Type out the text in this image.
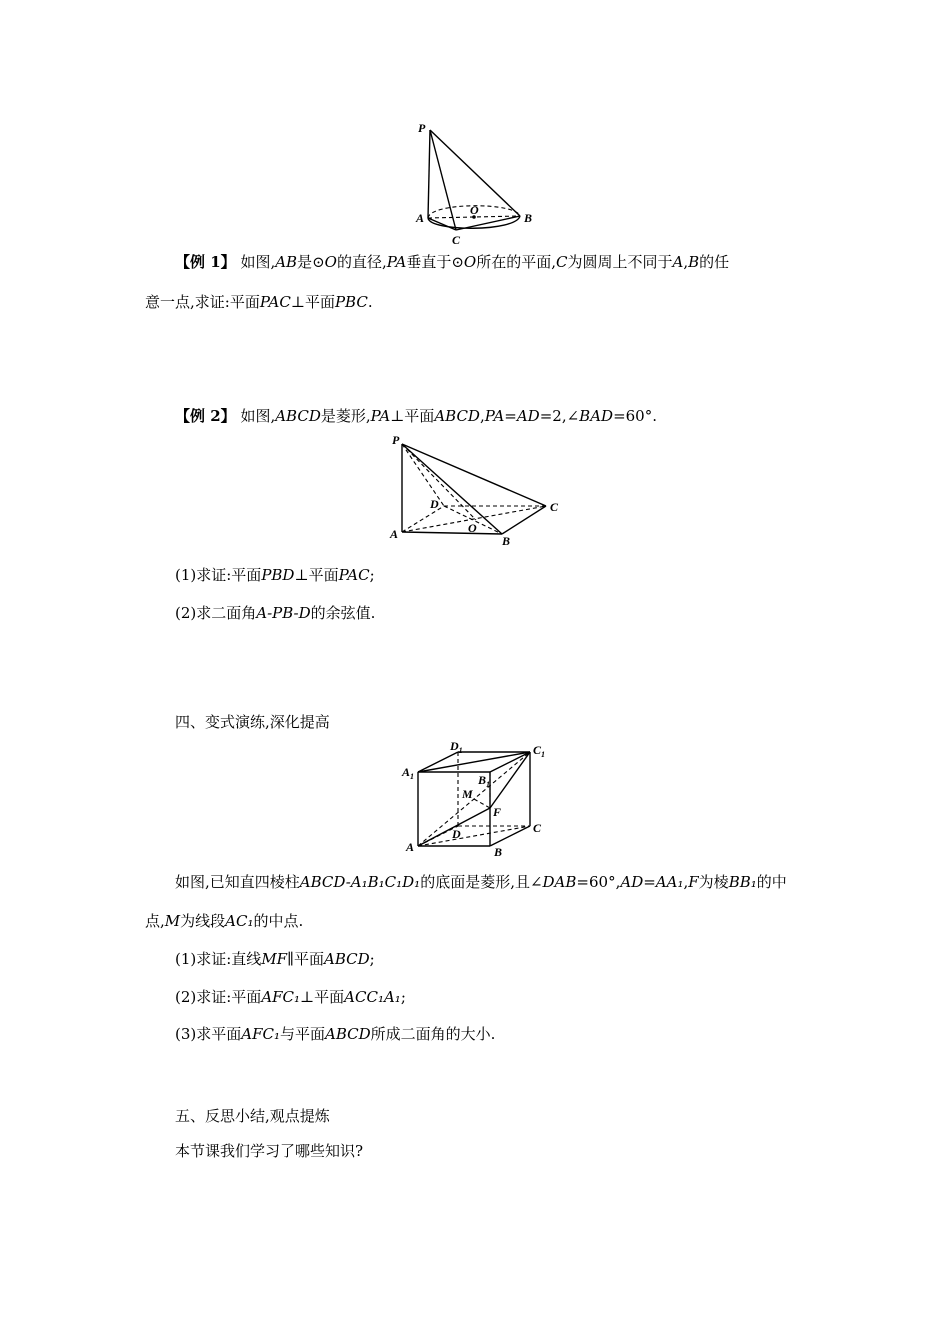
P
A
O
B
C
【例 1】 如图,AB是⊙O的直径,PA垂直于⊙O所在的平面,C为圆周上不同于A,B的任
意一点,求证:平面PAC⊥平面PBC.
【例 2】 如图,ABCD是菱形,PA⊥平面ABCD,PA=AD=2,∠BAD=60°.
P
D	C
A	O
B
(1)求证:平面PBD⊥平面PAC;
(2)求二面角A-PB-D的余弦值.
四、变式演练,深化提高
$D_1$	$C_1$
$A_1$	$B_1$
M
F
D	C
A	B
如图,已知直四棱柱ABCD-A₁B₁C₁D₁的底面是菱形,且∠DAB=60°,AD=AA₁,F为棱BB₁的中
点,M为线段AC₁的中点.
(1)求证:直线MF∥平面ABCD;
(2)求证:平面AFC₁⊥平面ACC₁A₁;
(3)求平面AFC₁与平面ABCD所成二面角的大小.
五、反思小结,观点提炼
本节课我们学习了哪些知识?
